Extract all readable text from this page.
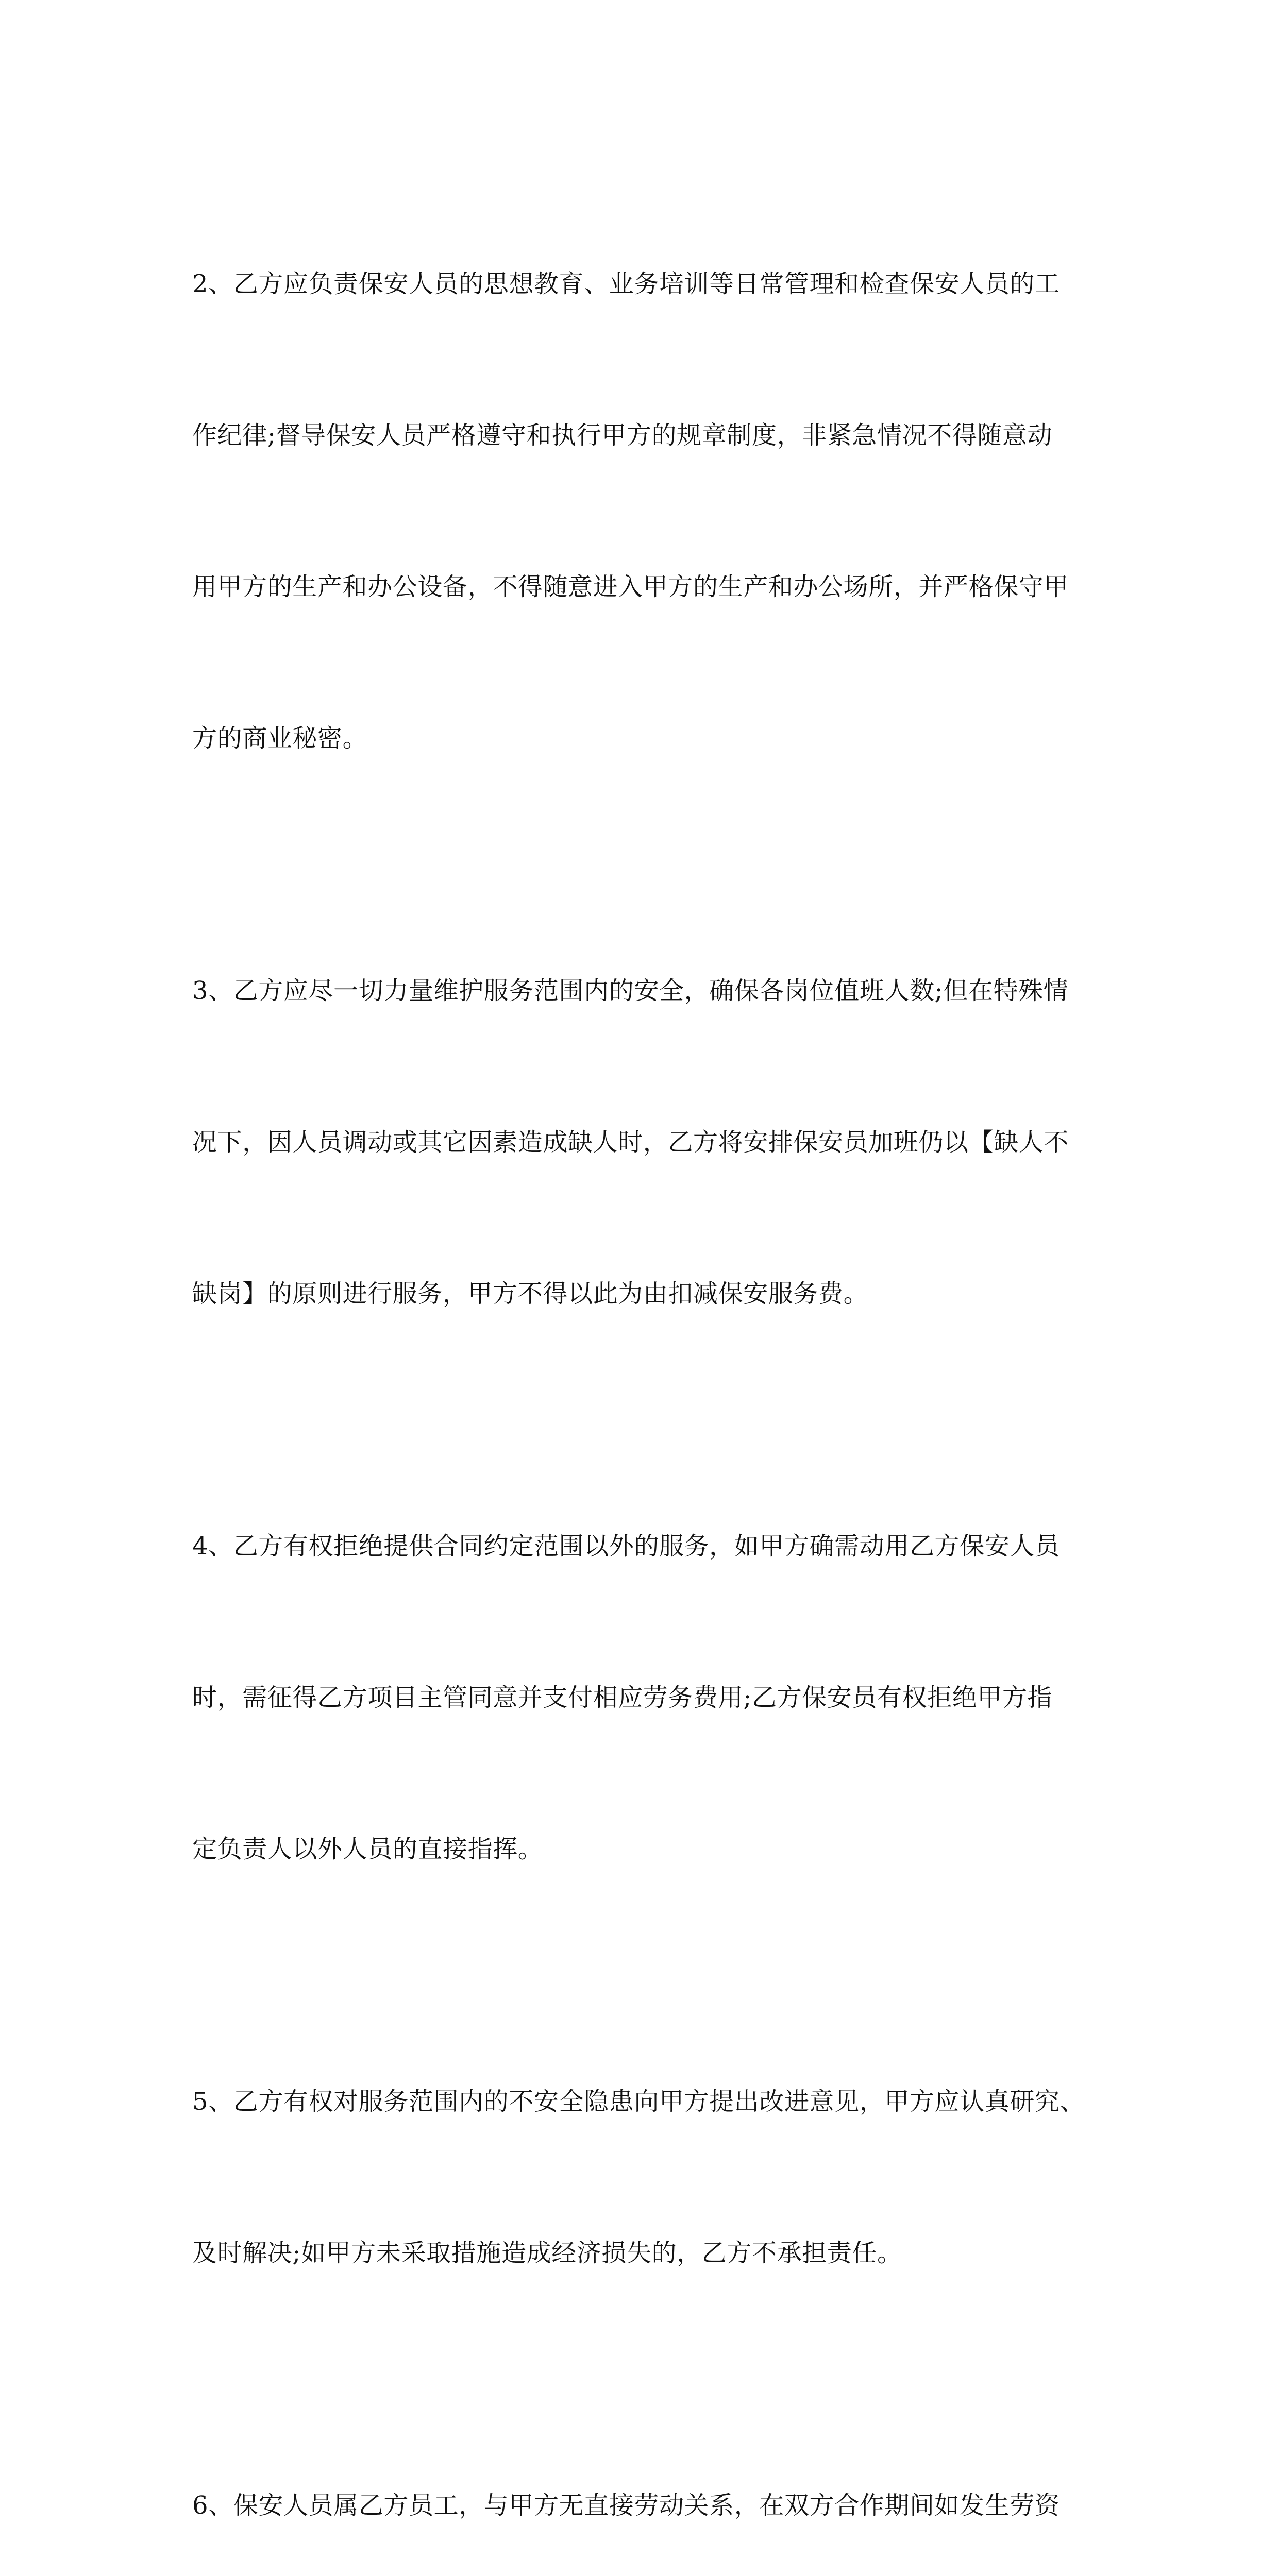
2、乙方应负责保安人员的思想教育、业务培训等日常管理和检查保安人员的工

作纪律;督导保安人员严格遵守和执行甲方的规章制度，非紧急情况不得随意动

用甲方的生产和办公设备，不得随意进入甲方的生产和办公场所，并严格保守甲

方的商业秘密。

3、乙方应尽一切力量维护服务范围内的安全，确保各岗位值班人数;但在特殊情

况下，因人员调动或其它因素造成缺人时，乙方将安排保安员加班仍以【缺人不

缺岗】的原则进行服务，甲方不得以此为由扣减保安服务费。

4、乙方有权拒绝提供合同约定范围以外的服务，如甲方确需动用乙方保安人员

时，需征得乙方项目主管同意并支付相应劳务费用;乙方保安员有权拒绝甲方指

定负责人以外人员的直接指挥。

5、乙方有权对服务范围内的不安全隐患向甲方提出改进意见，甲方应认真研究、

及时解决;如甲方未采取措施造成经济损失的，乙方不承担责任。

6、保安人员属乙方员工，与甲方无直接劳动关系，在双方合作期间如发生劳资
